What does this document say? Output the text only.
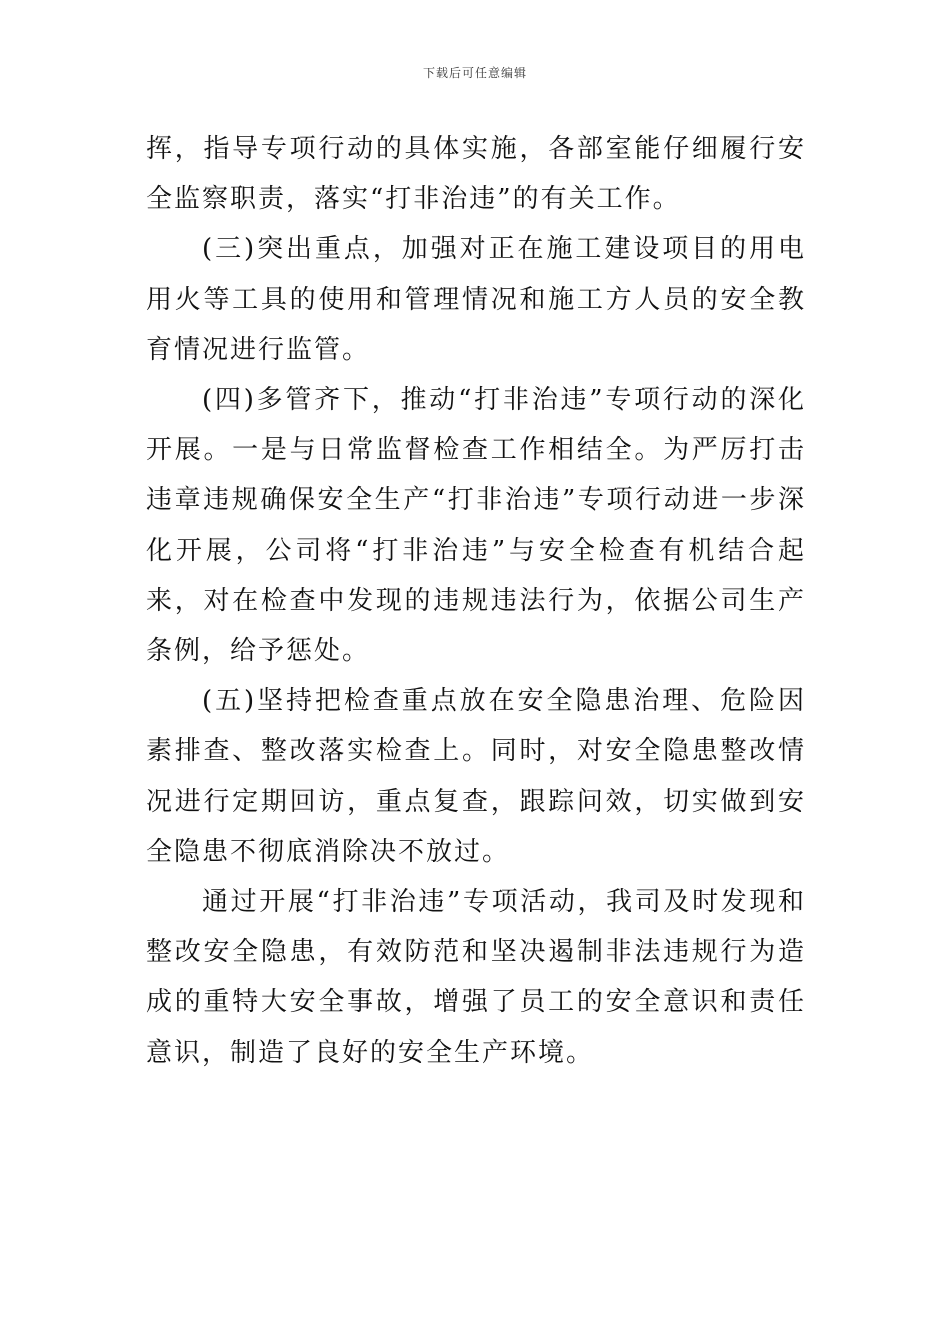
下载后可任意编辑

挥，指导专项行动的具体实施，各部室能仔细履行安全监察职责，落实“打非治违”的有关工作。

(三)突出重点，加强对正在施工建设项目的用电用火等工具的使用和管理情况和施工方人员的安全教育情况进行监管。

(四)多管齐下，推动“打非治违”专项行动的深化开展。一是与日常监督检查工作相结全。为严厉打击违章违规确保安全生产“打非治违”专项行动进一步深化开展，公司将“打非治违”与安全检查有机结合起来，对在检查中发现的违规违法行为，依据公司生产条例，给予惩处。

(五)坚持把检查重点放在安全隐患治理、危险因素排查、整改落实检查上。同时，对安全隐患整改情况进行定期回访，重点复查，跟踪问效，切实做到安全隐患不彻底消除决不放过。

通过开展“打非治违”专项活动，我司及时发现和整改安全隐患，有效防范和坚决遏制非法违规行为造成的重特大安全事故，增强了员工的安全意识和责任意识，制造了良好的安全生产环境。
